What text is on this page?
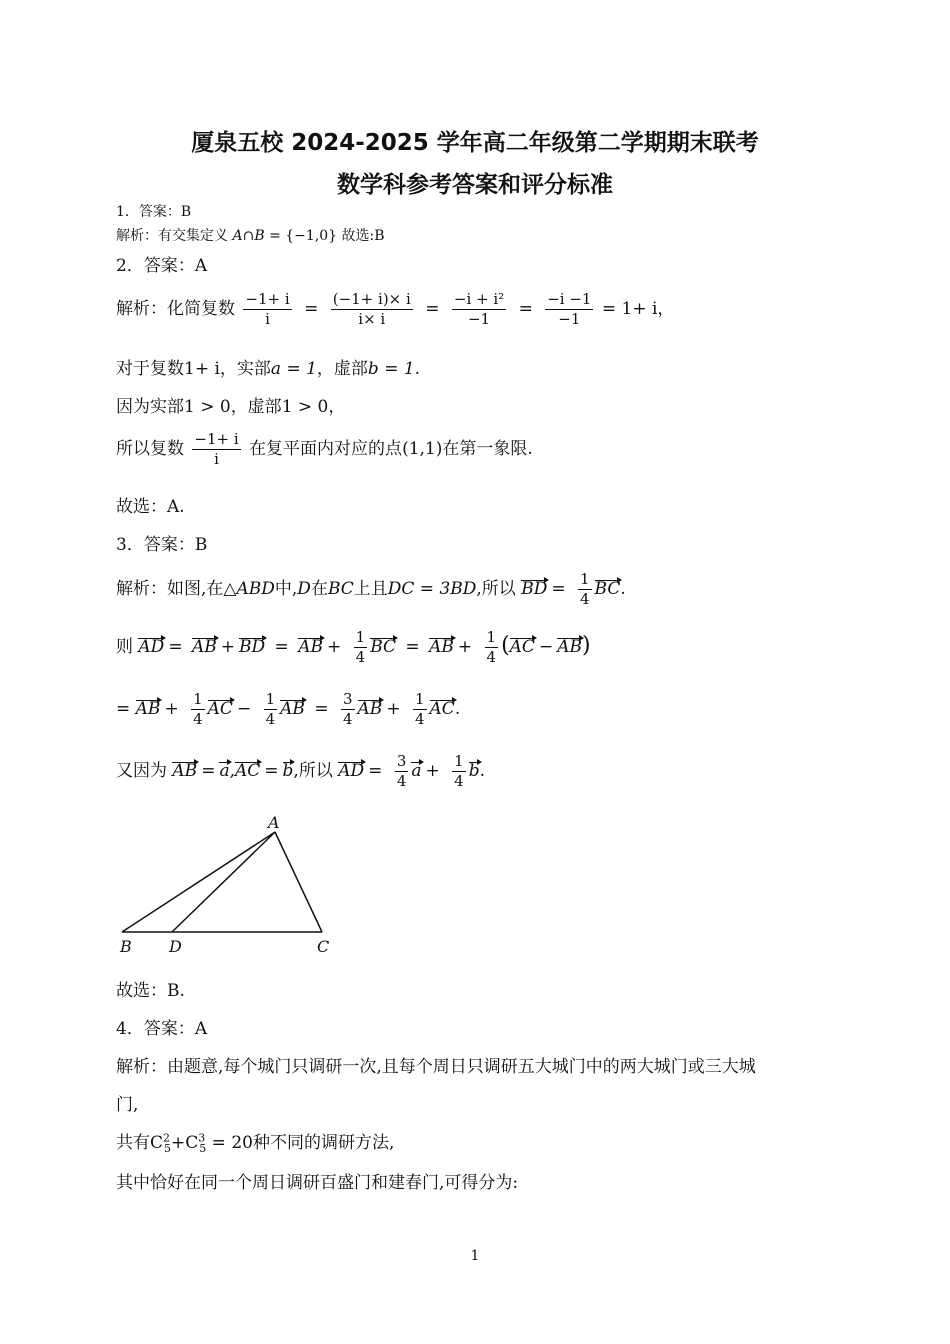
厦泉五校 2024-2025 学年高二年级第二学期期末联考
数学科参考答案和评分标准
1．答案：B
解析：有交集定义 A∩B = {−1,0} 故选:B
2．答案：A
解析：化简复数 $\frac{-1+ i}{i} = \frac{(-1+ i)\times i}{i\times i} = \frac{\text{−i + i²}}{-1} = \frac{-i -1}{-1} = 1+ i$，
对于复数1+ i，实部a = 1，虚部b = 1.
因为实部1 > 0，虚部1 > 0，
所以复数 $\frac{-1+ i}{i}$ 在复平面内对应的点(1,1)在第一象限.
故选：A.
3．答案：B
解析：如图,在△ABD中,D在BC上且DC = 3BD,所以 BD = $\frac{1}{4}$ BC.
则 AD = AB + BD = AB + $\frac{1}{4}$ BC = AB + $\frac{1}{4} (AC - AB)$
= AB + $\frac{1}{4}$ AC − $\frac{1}{4}$ AB = $\frac{3}{4}$ AB + $\frac{1}{4}$ AC.
又因为 AB = a,AC = b,所以 AD = $\frac{3}{4}$ $a + \frac{1}{4} b$.
A
B D	C
故选：B.
4．答案：A
解析：由题意,每个城门只调研一次,且每个周日只调研五大城门中的两大城门或三大城
门,
共有$C^2_5+C^3_5 = 20$种不同的调研方法,
其中恰好在同一个周日调研百盛门和建春门,可得分为:
1
